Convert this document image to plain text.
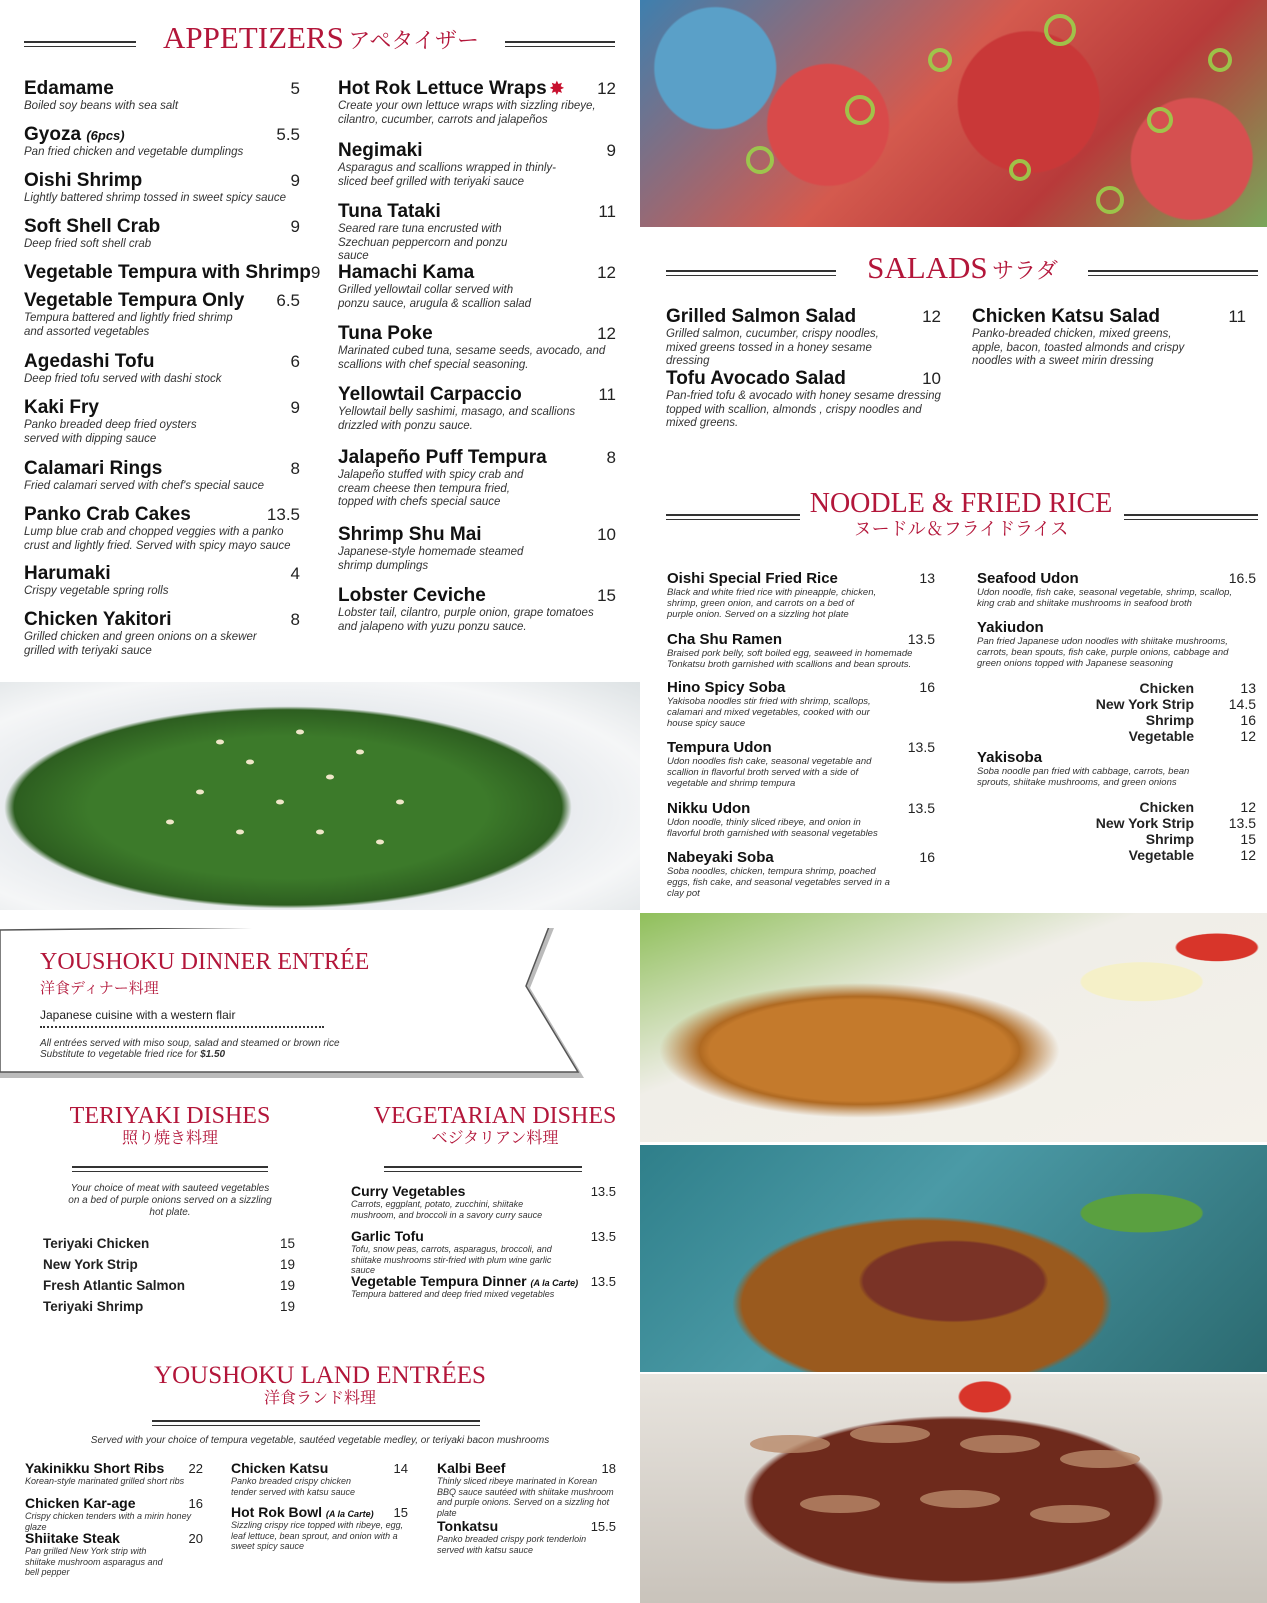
APPETIZERS アペタイザー
Edamame	5
Boiled soy beans with sea salt
Gyoza (6pcs)	5.5
Pan fried chicken and vegetable dumplings
Oishi Shrimp	9
Lightly battered shrimp tossed in sweet spicy sauce
Soft Shell Crab	9
Deep fried soft shell crab
Vegetable Tempura with Shrimp 9
Vegetable Tempura Only 6.5
Tempura battered and lightly fried shrimp and assorted vegetables
Agedashi Tofu	6
Deep fried tofu served with dashi stock
Kaki Fry	9
Panko breaded deep fried oysters served with dipping sauce
Calamari Rings	8
Fried calamari served with chef's special sauce
Panko Crab Cakes	13.5
Lump blue crab and chopped veggies with a panko crust and lightly fried. Served with spicy mayo sauce
Harumaki	4
Crispy vegetable spring rolls
Chicken Yakitori	8
Grilled chicken and green onions on a skewer grilled with teriyaki sauce
Hot Rok Lettuce Wraps ✸ 12
Create your own lettuce wraps with sizzling ribeye, cilantro, cucumber, carrots and jalapeños
Negimaki	9
Asparagus and scallions wrapped in thinly-sliced beef grilled with teriyaki sauce
Tuna Tataki	11
Seared rare tuna encrusted with Szechuan peppercorn and ponzu sauce
Hamachi Kama	12
Grilled yellowtail collar served with ponzu sauce, arugula & scallion salad
Tuna Poke	12
Marinated cubed tuna, sesame seeds, avocado, and scallions with chef special seasoning.
Yellowtail Carpaccio	11
Yellowtail belly sashimi, masago, and scallions drizzled with ponzu sauce.
Jalapeño Puff Tempura	8
Jalapeño stuffed with spicy crab and cream cheese then tempura fried, topped with chefs special sauce
Shrimp Shu Mai	10
Japanese-style homemade steamed shrimp dumplings
Lobster Ceviche	15
Lobster tail, cilantro, purple onion, grape tomatoes and jalapeno with yuzu ponzu sauce.
SALADS サラダ
Grilled Salmon Salad	12
Grilled salmon, cucumber, crispy noodles, mixed greens tossed in a honey sesame dressing
Tofu Avocado Salad	10
Pan-fried tofu & avocado with honey sesame dressing topped with scallion, almonds , crispy noodles and mixed greens.
Chicken Katsu Salad	11
Panko-breaded chicken, mixed greens, apple, bacon, toasted almonds and crispy noodles with a sweet mirin dressing
NOODLE & FRIED RICE
ヌードル＆フライドライス
Oishi Special Fried Rice	13
Black and white fried rice with pineapple, chicken, shrimp, green onion, and carrots on a bed of purple onion. Served on a sizzling hot plate
Cha Shu Ramen	13.5
Braised pork belly, soft boiled egg, seaweed in homemade Tonkatsu broth garnished with scallions and bean sprouts.
Hino Spicy Soba	16
Yakisoba noodles stir fried with shrimp, scallops, calamari and mixed vegetables, cooked with our house spicy sauce
Tempura Udon	13.5
Udon noodles fish cake, seasonal vegetable and scallion in flavorful broth served with a side of vegetable and shrimp tempura
Nikku Udon	13.5
Udon noodle, thinly sliced ribeye, and onion in flavorful broth garnished with seasonal vegetables
Nabeyaki Soba	16
Soba noodles, chicken, tempura shrimp, poached eggs, fish cake, and seasonal vegetables served in a clay pot
Seafood Udon	16.5
Udon noodle, fish cake, seasonal vegetable, shrimp, scallop, king crab and shiitake mushrooms in seafood broth
Yakiudon
Pan fried Japanese udon noodles with shiitake mushrooms, carrots, bean spouts, fish cake, purple onions, cabbage and green onions topped with Japanese seasoning
Chicken	13
New York Strip	14.5
Shrimp	16
Vegetable	12
Yakisoba
Soba noodle pan fried with cabbage, carrots, bean sprouts, shiitake mushrooms, and green onions
Chicken	12
New York Strip	13.5
Shrimp	15
Vegetable	12
YOUSHOKU DINNER ENTRÉE
洋食ディナー料理
Japanese cuisine with a western flair
All entrées served with miso soup, salad and steamed or brown rice
Substitute to vegetable fried rice for $1.50
TERIYAKI DISHES
照り焼き料理
Your choice of meat with sauteed vegetables on a bed of purple onions served on a sizzling hot plate.
Teriyaki Chicken	15
New York Strip	19
Fresh Atlantic Salmon	19
Teriyaki Shrimp	19
VEGETARIAN DISHES
ベジタリアン料理
Curry Vegetables	13.5
Carrots, eggplant, potato, zucchini, shiitake mushroom, and broccoli in a savory curry sauce
Garlic Tofu	13.5
Tofu, snow peas, carrots, asparagus, broccoli, and shiitake mushrooms stir-fried with plum wine garlic sauce
Vegetable Tempura Dinner (A la Carte) 13.5
Tempura battered and deep fried mixed vegetables
YOUSHOKU LAND ENTRÉES
洋食ランド料理
Served with your choice of tempura vegetable, sautéed vegetable medley, or teriyaki bacon mushrooms
Yakinikku Short Ribs 22
Korean-style marinated grilled short ribs
Chicken Kar-age	16
Crispy chicken tenders with a mirin honey glaze
Shiitake Steak	20
Pan grilled New York strip with shiitake mushroom asparagus and bell pepper
Chicken Katsu	14
Panko breaded crispy chicken tender served with katsu sauce
Hot Rok Bowl (A la Carte) 15
Sizzling crispy rice topped with ribeye, egg, leaf lettuce, bean sprout, and onion with a sweet spicy sauce
Kalbi Beef	18
Thinly sliced ribeye marinated in Korean BBQ sauce sautéed with shiitake mushroom and purple onions. Served on a sizzling hot plate
Tonkatsu	15.5
Panko breaded crispy pork tenderloin served with katsu sauce
